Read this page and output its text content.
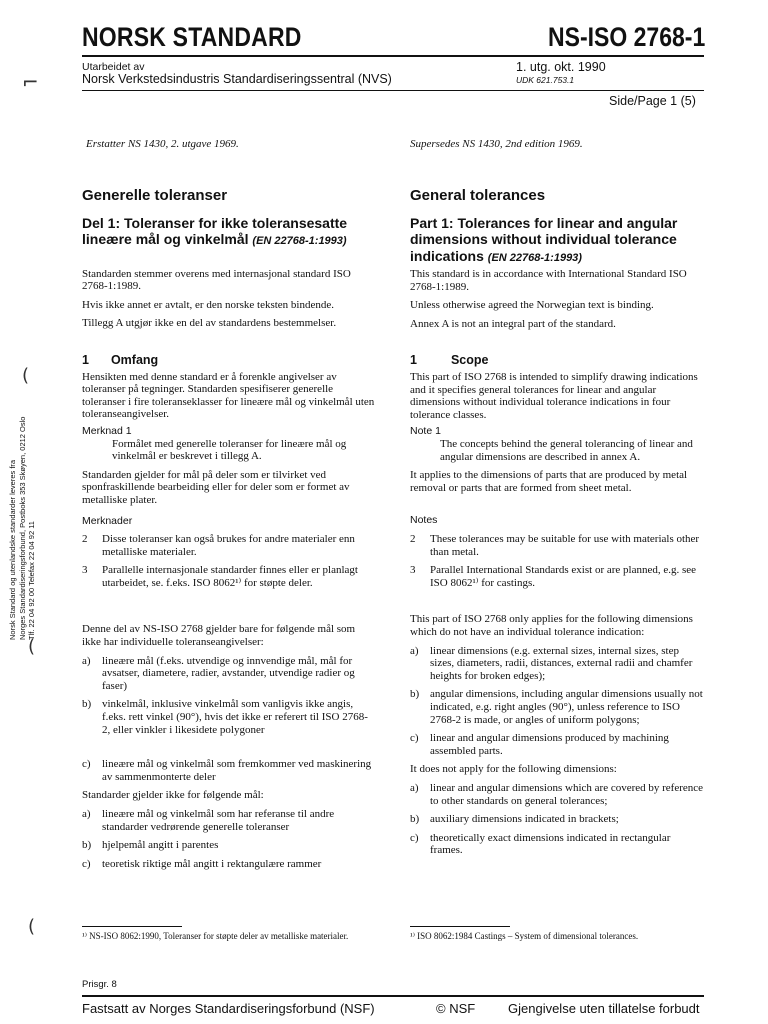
NORSK STANDARD	NS-ISO 2768-1
Utarbeidet av
Norsk Verkstedsindustris Standardiseringssentral (NVS)
1. utg. okt. 1990
UDK 621.753.1
Side/Page 1 (5)
Erstatter NS 1430, 2. utgave 1969.	Supersedes NS 1430, 2nd edition 1969.

Generelle toleranser

Del 1: Toleranser for ikke toleransesatte lineære mål og vinkelmål (EN 22768-1:1993)

Standarden stemmer overens med internasjonal standard ISO 2768-1:1989.

Hvis ikke annet er avtalt, er den norske teksten bindende.

Tillegg A utgjør ikke en del av standardens bestemmelser.

1 Omfang

Hensikten med denne standard er å forenkle angivelser av toleranser på tegninger. Standarden spesifiserer generelle toleranser i fire toleranseklasser for lineære mål og vinkelmål uten toleranseangivelser.

Merknad 1

Formålet med generelle toleranser for lineære mål og vinkelmål er beskrevet i tillegg A.

Standarden gjelder for mål på deler som er tilvirket ved sponfraskillende bearbeiding eller for deler som er formet av metalliske plater.

Merknader

2	Disse toleranser kan også brukes for andre materialer enn metalliske materialer.
3	Parallelle internasjonale standarder finnes eller er planlagt utarbeidet, se. f.eks. ISO 8062¹⁾ for støpte deler.

Denne del av NS-ISO 2768 gjelder bare for følgende mål som ikke har individuelle toleranseangivelser:

a)	lineære mål (f.eks. utvendige og innvendige mål, mål for avsatser, diametere, radier, avstander, utvendige radier og faser)
b) vinkelmål, inklusive vinkelmål som vanligvis ikke angis, f.eks. rett vinkel (90°), hvis det ikke er referert til ISO 2768-2, eller vinkler i likesidete polygoner
c)	lineære mål og vinkelmål som fremkommer ved maskinering av sammenmonterte deler

Standarder gjelder ikke for følgende mål:

a)	lineære mål og vinkelmål som har referanse til andre standarder vedrørende generelle toleranser
b) hjelpemål angitt i parentes
c)	teoretisk riktige mål angitt i rektangulære rammer

General tolerances

Part 1: Tolerances for linear and angular dimensions without individual tolerance indications (EN 22768-1:1993)

This standard is in accordance with International Standard ISO 2768-1:1989.

Unless otherwise agreed the Norwegian text is binding.

Annex A is not an integral part of the standard.

1	Scope

This part of ISO 2768 is intended to simplify drawing indications and it specifies general tolerances for linear and angular dimensions without individual tolerance indications in four tolerance classes.

Note 1

The concepts behind the general tolerancing of linear and angular dimensions are described in annex A.

It applies to the dimensions of parts that are produced by metal removal or parts that are formed from sheet metal.

Notes

2	These tolerances may be suitable for use with materials other than metal.
3	Parallel International Standards exist or are planned, e.g. see ISO 8062¹⁾ for castings.

This part of ISO 2768 only applies for the following dimensions which do not have an individual tolerance indication:

a)	linear dimensions (e.g. external sizes, internal sizes, step sizes, diameters, radii, distances, external radii and chamfer heights for broken edges);
b) angular dimensions, including angular dimensions usually not indicated, e.g. right angles (90°), unless reference to ISO 2768-2 is made, or angles of uniform polygons;
c)	linear and angular dimensions produced by machining assembled parts.

It does not apply for the following dimensions:

a)	linear and angular dimensions which are covered by reference to other standards on general tolerances;
b) auxiliary dimensions indicated in brackets;
c)	theoretically exact dimensions indicated in rectangular frames.
¹⁾ NS-ISO 8062:1990, Toleranser for støpte deler av metalliske materialer.	¹⁾ ISO 8062:1984 Castings – System of dimensional tolerances.
Prisgr. 8
Fastsatt av Norges Standardiseringsforbund (NSF)	© NSF	Gjengivelse uten tillatelse forbudt
Norsk Standard og utenlandske standarder leveres fra Norges Standardiseringsforbund, Postboks 353 Skøyen, 0212 Oslo Tlf. 22 04 92 00 Telefax 22 04 92 11
⌐
(
(
(
